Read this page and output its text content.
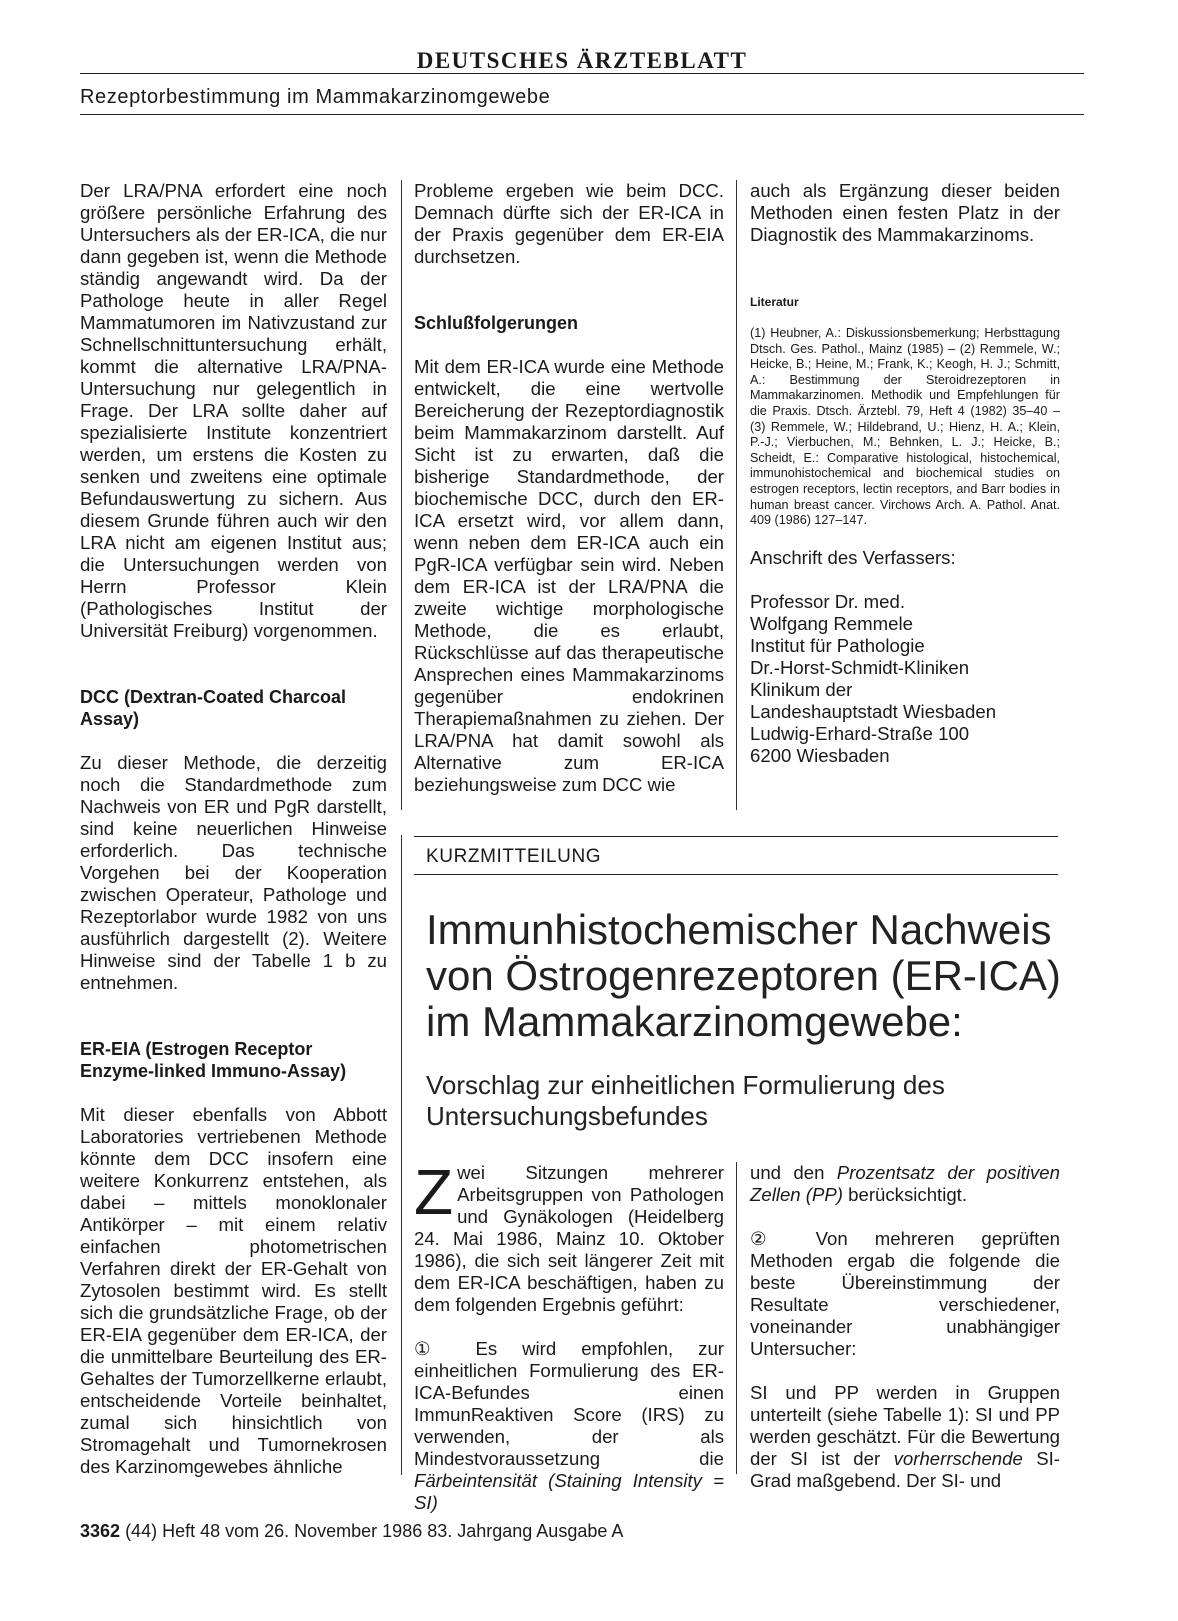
DEUTSCHES ÄRZTEBLATT
Rezeptorbestimmung im Mammakarzinomgewebe

Der LRA/PNA erfordert eine noch größere persönliche Erfahrung des Untersuchers als der ER-ICA, die nur dann gegeben ist, wenn die Methode ständig angewandt wird. Da der Pathologe heute in aller Regel Mammatumoren im Nativzustand zur Schnellschnittuntersuchung erhält, kommt die alternative LRA/PNA-Untersuchung nur gelegentlich in Frage. Der LRA sollte daher auf spezialisierte Institute konzentriert werden, um erstens die Kosten zu senken und zweitens eine optimale Befundauswertung zu sichern. Aus diesem Grunde führen auch wir den LRA nicht am eigenen Institut aus; die Untersuchungen werden von Herrn Professor Klein (Pathologisches Institut der Universität Freiburg) vorgenommen.

DCC (Dextran-Coated Charcoal Assay)

Zu dieser Methode, die derzeitig noch die Standardmethode zum Nachweis von ER und PgR darstellt, sind keine neuerlichen Hinweise erforderlich. Das technische Vorgehen bei der Kooperation zwischen Operateur, Pathologe und Rezeptorlabor wurde 1982 von uns ausführlich dargestellt (2). Weitere Hinweise sind der Tabelle 1 b zu entnehmen.

ER-EIA (Estrogen Receptor Enzyme-linked Immuno-Assay)

Mit dieser ebenfalls von Abbott Laboratories vertriebenen Methode könnte dem DCC insofern eine weitere Konkurrenz entstehen, als dabei – mittels monoklonaler Antikörper – mit einem relativ einfachen photometrischen Verfahren direkt der ER-Gehalt von Zytosolen bestimmt wird. Es stellt sich die grundsätzliche Frage, ob der ER-EIA gegenüber dem ER-ICA, der die unmittelbare Beurteilung des ER-Gehaltes der Tumorzellkerne erlaubt, entscheidende Vorteile beinhaltet, zumal sich hinsichtlich von Stromagehalt und Tumornekrosen des Karzinomgewebes ähnliche

Probleme ergeben wie beim DCC. Demnach dürfte sich der ER-ICA in der Praxis gegenüber dem ER-EIA durchsetzen.

Schlußfolgerungen

Mit dem ER-ICA wurde eine Methode entwickelt, die eine wertvolle Bereicherung der Rezeptordiagnostik beim Mammakarzinom darstellt. Auf Sicht ist zu erwarten, daß die bisherige Standardmethode, der biochemische DCC, durch den ER-ICA ersetzt wird, vor allem dann, wenn neben dem ER-ICA auch ein PgR-ICA verfügbar sein wird. Neben dem ER-ICA ist der LRA/PNA die zweite wichtige morphologische Methode, die es erlaubt, Rückschlüsse auf das therapeutische Ansprechen eines Mammakarzinoms gegenüber endokrinen Therapiemaßnahmen zu ziehen. Der LRA/PNA hat damit sowohl als Alternative zum ER-ICA beziehungsweise zum DCC wie

auch als Ergänzung dieser beiden Methoden einen festen Platz in der Diagnostik des Mammakarzinoms.

Literatur

(1) Heubner, A.: Diskussionsbemerkung; Herbsttagung Dtsch. Ges. Pathol., Mainz (1985) – (2) Remmele, W.; Heicke, B.; Heine, M.; Frank, K.; Keogh, H. J.; Schmitt, A.: Bestimmung der Steroidrezeptoren in Mammakarzinomen. Methodik und Empfehlungen für die Praxis. Dtsch. Ärztebl. 79, Heft 4 (1982) 35–40 – (3) Remmele, W.; Hildebrand, U.; Hienz, H. A.; Klein, P.-J.; Vierbuchen, M.; Behnken, L. J.; Heicke, B.; Scheidt, E.: Comparative histological, histochemical, immunohistochemical and biochemical studies on estrogen receptors, lectin receptors, and Barr bodies in human breast cancer. Virchows Arch. A. Pathol. Anat. 409 (1986) 127–147.

Anschrift des Verfassers:

Professor Dr. med.

Wolfgang Remmele

Institut für Pathologie

Dr.-Horst-Schmidt-Kliniken

Klinikum der

Landeshauptstadt Wiesbaden

Ludwig-Erhard-Straße 100

6200 Wiesbaden

KURZMITTEILUNG
Immunhistochemischer Nachweis von Östrogenrezeptoren (ER-ICA) im Mammakarzinomgewebe:
Vorschlag zur einheitlichen Formulierung des Untersuchungsbefundes

Zwei Sitzungen mehrerer Arbeitsgruppen von Pathologen und Gynäkologen (Heidelberg 24. Mai 1986, Mainz 10. Oktober 1986), die sich seit längerer Zeit mit dem ER-ICA beschäftigen, haben zu dem folgenden Ergebnis geführt:

① Es wird empfohlen, zur einheitlichen Formulierung des ER-ICA-Befundes einen ImmunReaktiven Score (IRS) zu verwenden, der als Mindestvoraussetzung die Färbeintensität (Staining Intensity = SI)

und den Prozentsatz der positiven Zellen (PP) berücksichtigt.

② Von mehreren geprüften Methoden ergab die folgende die beste Übereinstimmung der Resultate verschiedener, voneinander unabhängiger Untersucher:

SI und PP werden in Gruppen unterteilt (siehe Tabelle 1): SI und PP werden geschätzt. Für die Bewertung der SI ist der vorherrschende SI-Grad maßgebend. Der SI- und

3362 (44) Heft 48 vom 26. November 1986 83. Jahrgang Ausgabe A
